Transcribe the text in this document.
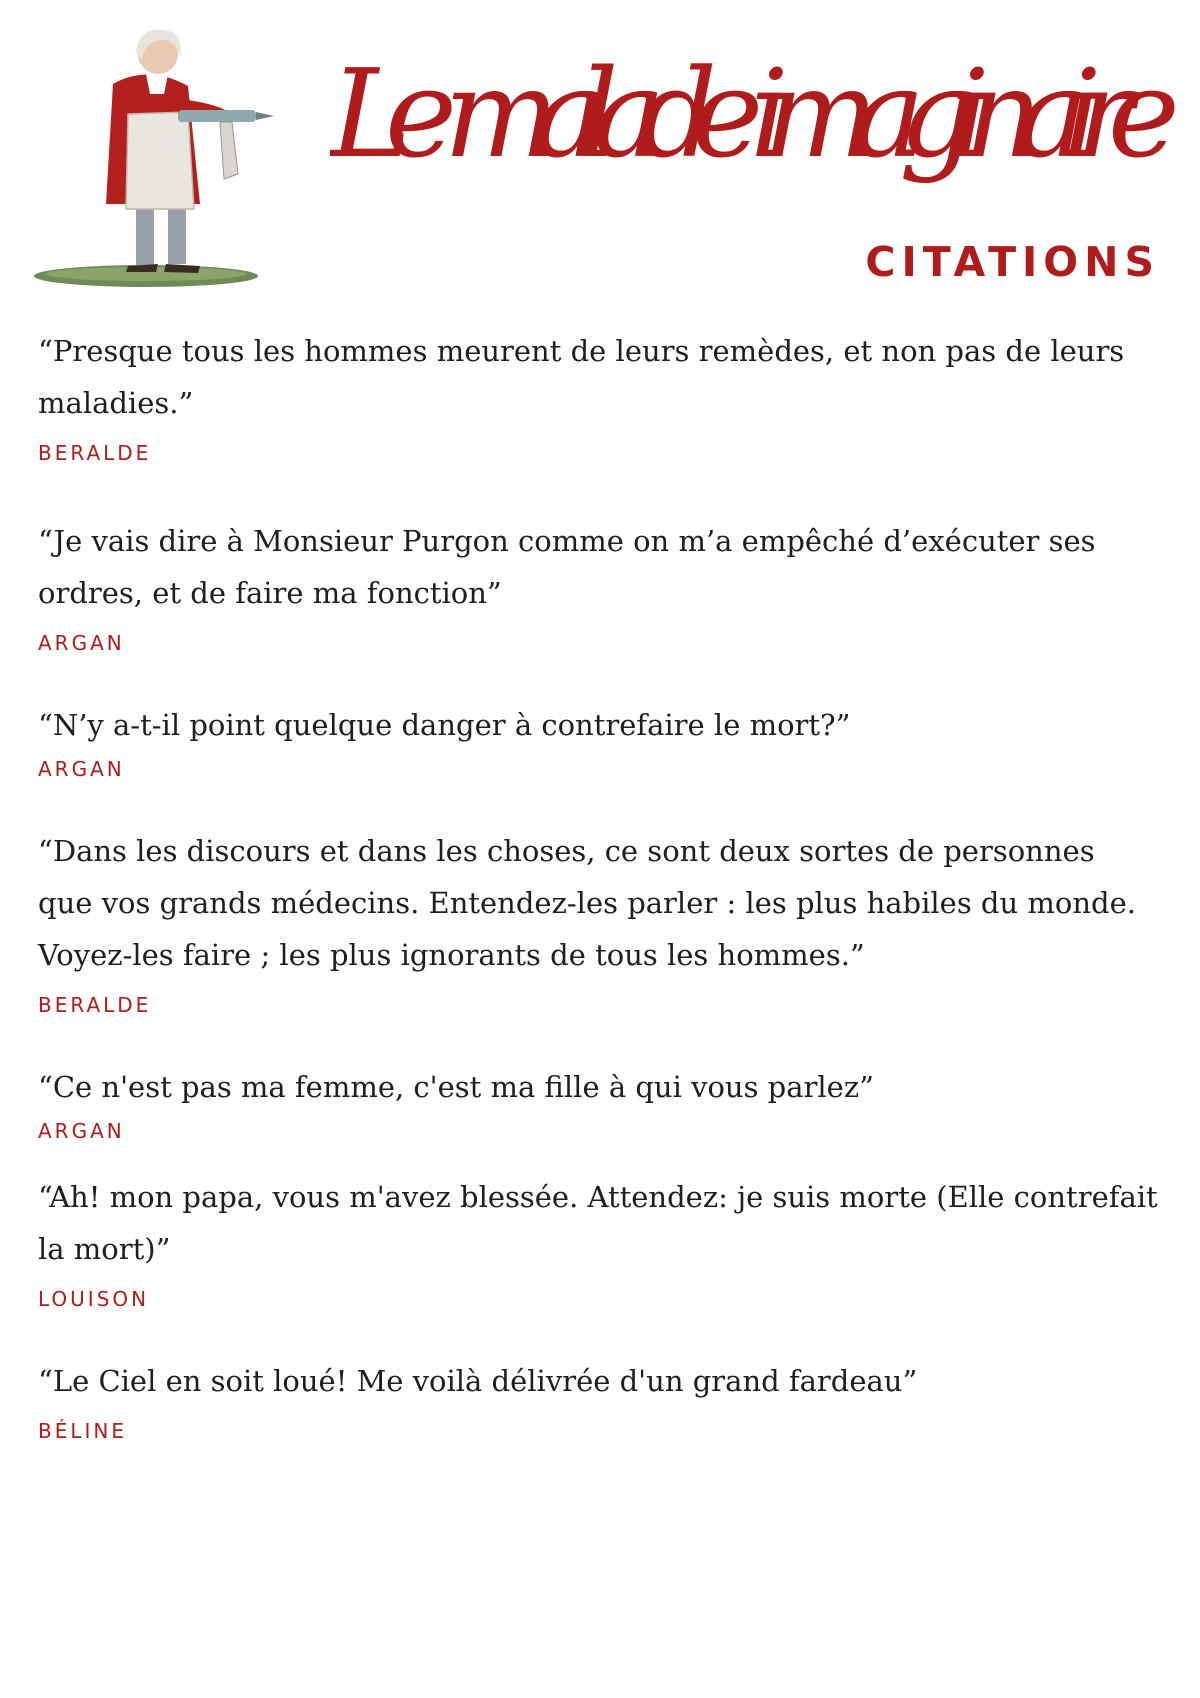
Le malade imaginaire
CITATIONS

“Presque tous les hommes meurent de leurs remèdes, et non pas de leurs maladies.”

BERALDE

“Je vais dire à Monsieur Purgon comme on m’a empêché d’exécuter ses ordres, et de faire ma fonction”

ARGAN

“N’y a-t-il point quelque danger à contrefaire le mort?”

ARGAN

“Dans les discours et dans les choses, ce sont deux sortes de personnes que vos grands médecins. Entendez-les parler : les plus habiles du monde. Voyez-les faire ; les plus ignorants de tous les hommes.”

BERALDE

“Ce n'est pas ma femme, c'est ma fille à qui vous parlez”

ARGAN

“Ah! mon papa, vous m'avez blessée. Attendez: je suis morte (Elle contrefait la mort)”

LOUISON

“Le Ciel en soit loué! Me voilà délivrée d'un grand fardeau”

BÉLINE
